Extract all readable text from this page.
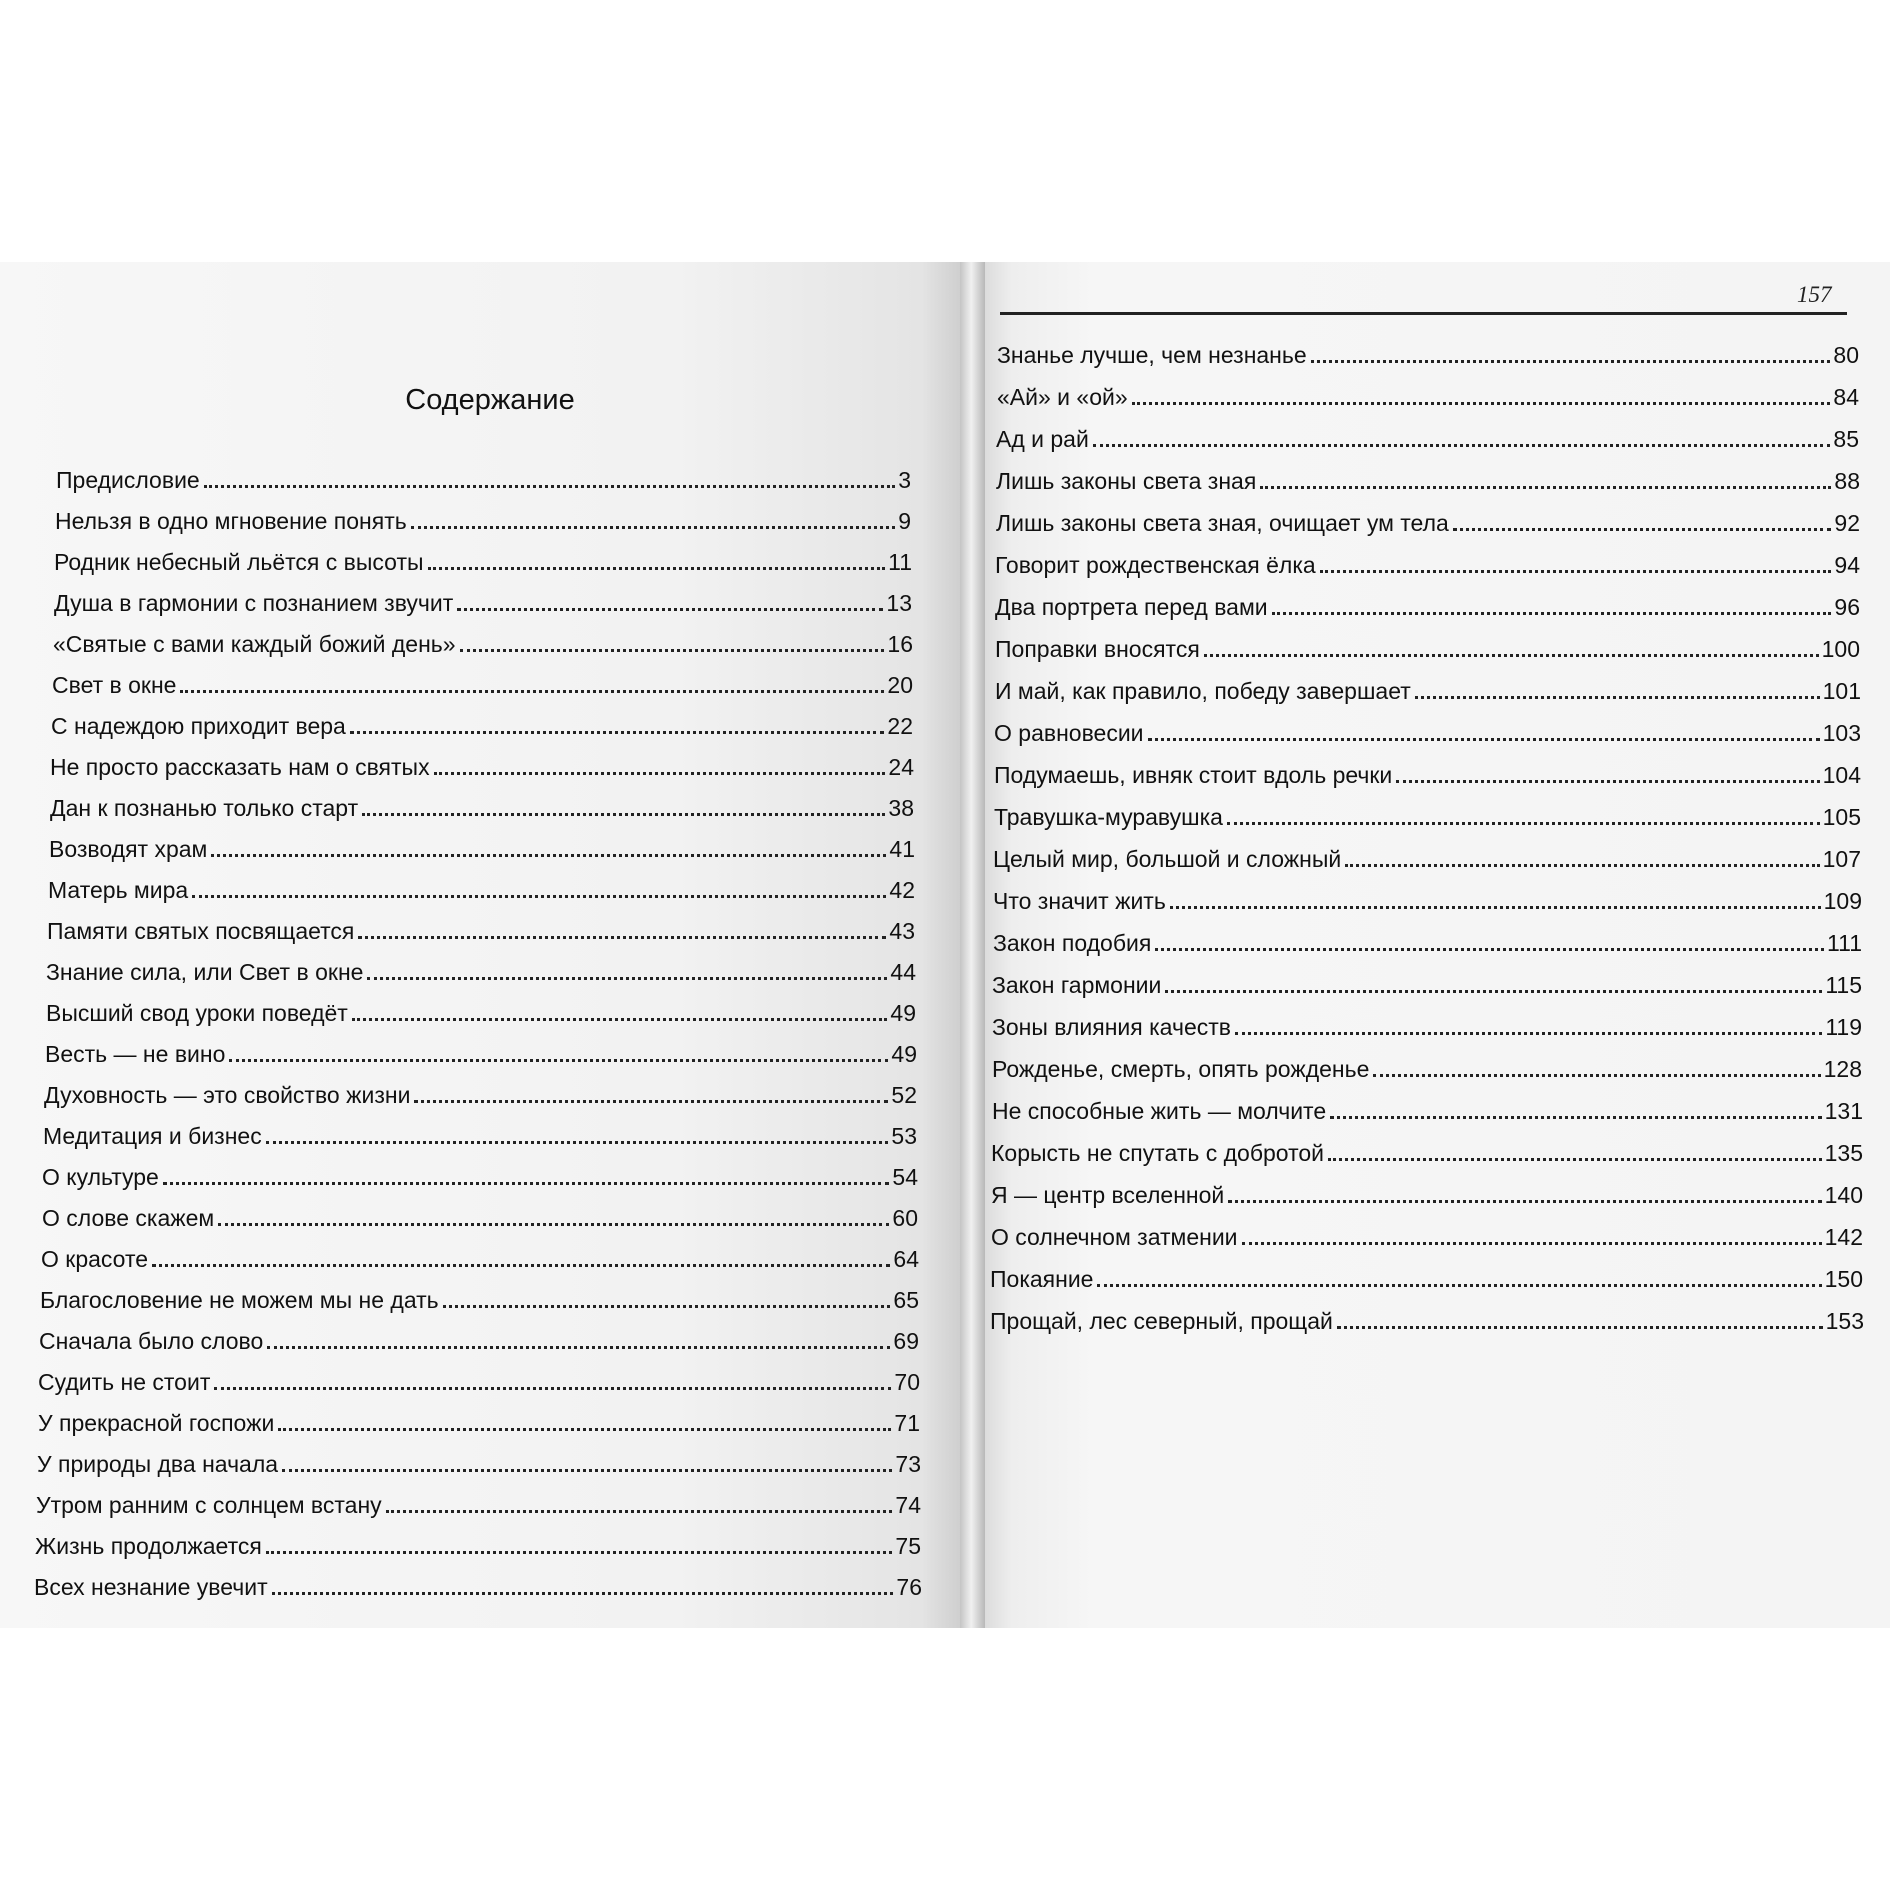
Содержание
Предисловие	3
Нельзя в одно мгновение понять	9
Родник небесный льётся с высоты	11
Душа в гармонии с познанием звучит	13
«Святые с вами каждый божий день»	16
Свет в окне	20
С надеждою приходит вера	22
Не просто рассказать нам о святых	24
Дан к познанью только старт	38
Возводят храм	41
Матерь мира	42
Памяти святых посвящается	43
Знание сила, или Свет в окне	44
Высший свод уроки поведёт	49
Весть — не вино	49
Духовность — это свойство жизни	52
Медитация и бизнес	53
О культуре	54
О слове скажем	60
О красоте	64
Благословение не можем мы не дать	65
Сначала было слово	69
Судить не стоит	70
У прекрасной госпожи	71
У природы два начала	73
Утром ранним с солнцем встану	74
Жизнь продолжается	75
Всех незнание увечит	76
157
Знанье лучше, чем незнанье	80
«Ай» и «ой»	84
Ад и рай	85
Лишь законы света зная	88
Лишь законы света зная, очищает ум тела	92
Говорит рождественская ёлка	94
Два портрета перед вами	96
Поправки вносятся	100
И май, как правило, победу завершает	101
О равновесии	103
Подумаешь, ивняк стоит вдоль речки	104
Травушка-муравушка	105
Целый мир, большой и сложный	107
Что значит жить	109
Закон подобия	111
Закон гармонии	115
Зоны влияния качеств	119
Рожденье, смерть, опять рожденье	128
Не способные жить — молчите	131
Корысть не спутать с добротой	135
Я — центр вселенной	140
О солнечном затмении	142
Покаяние	150
Прощай, лес северный, прощай	153
